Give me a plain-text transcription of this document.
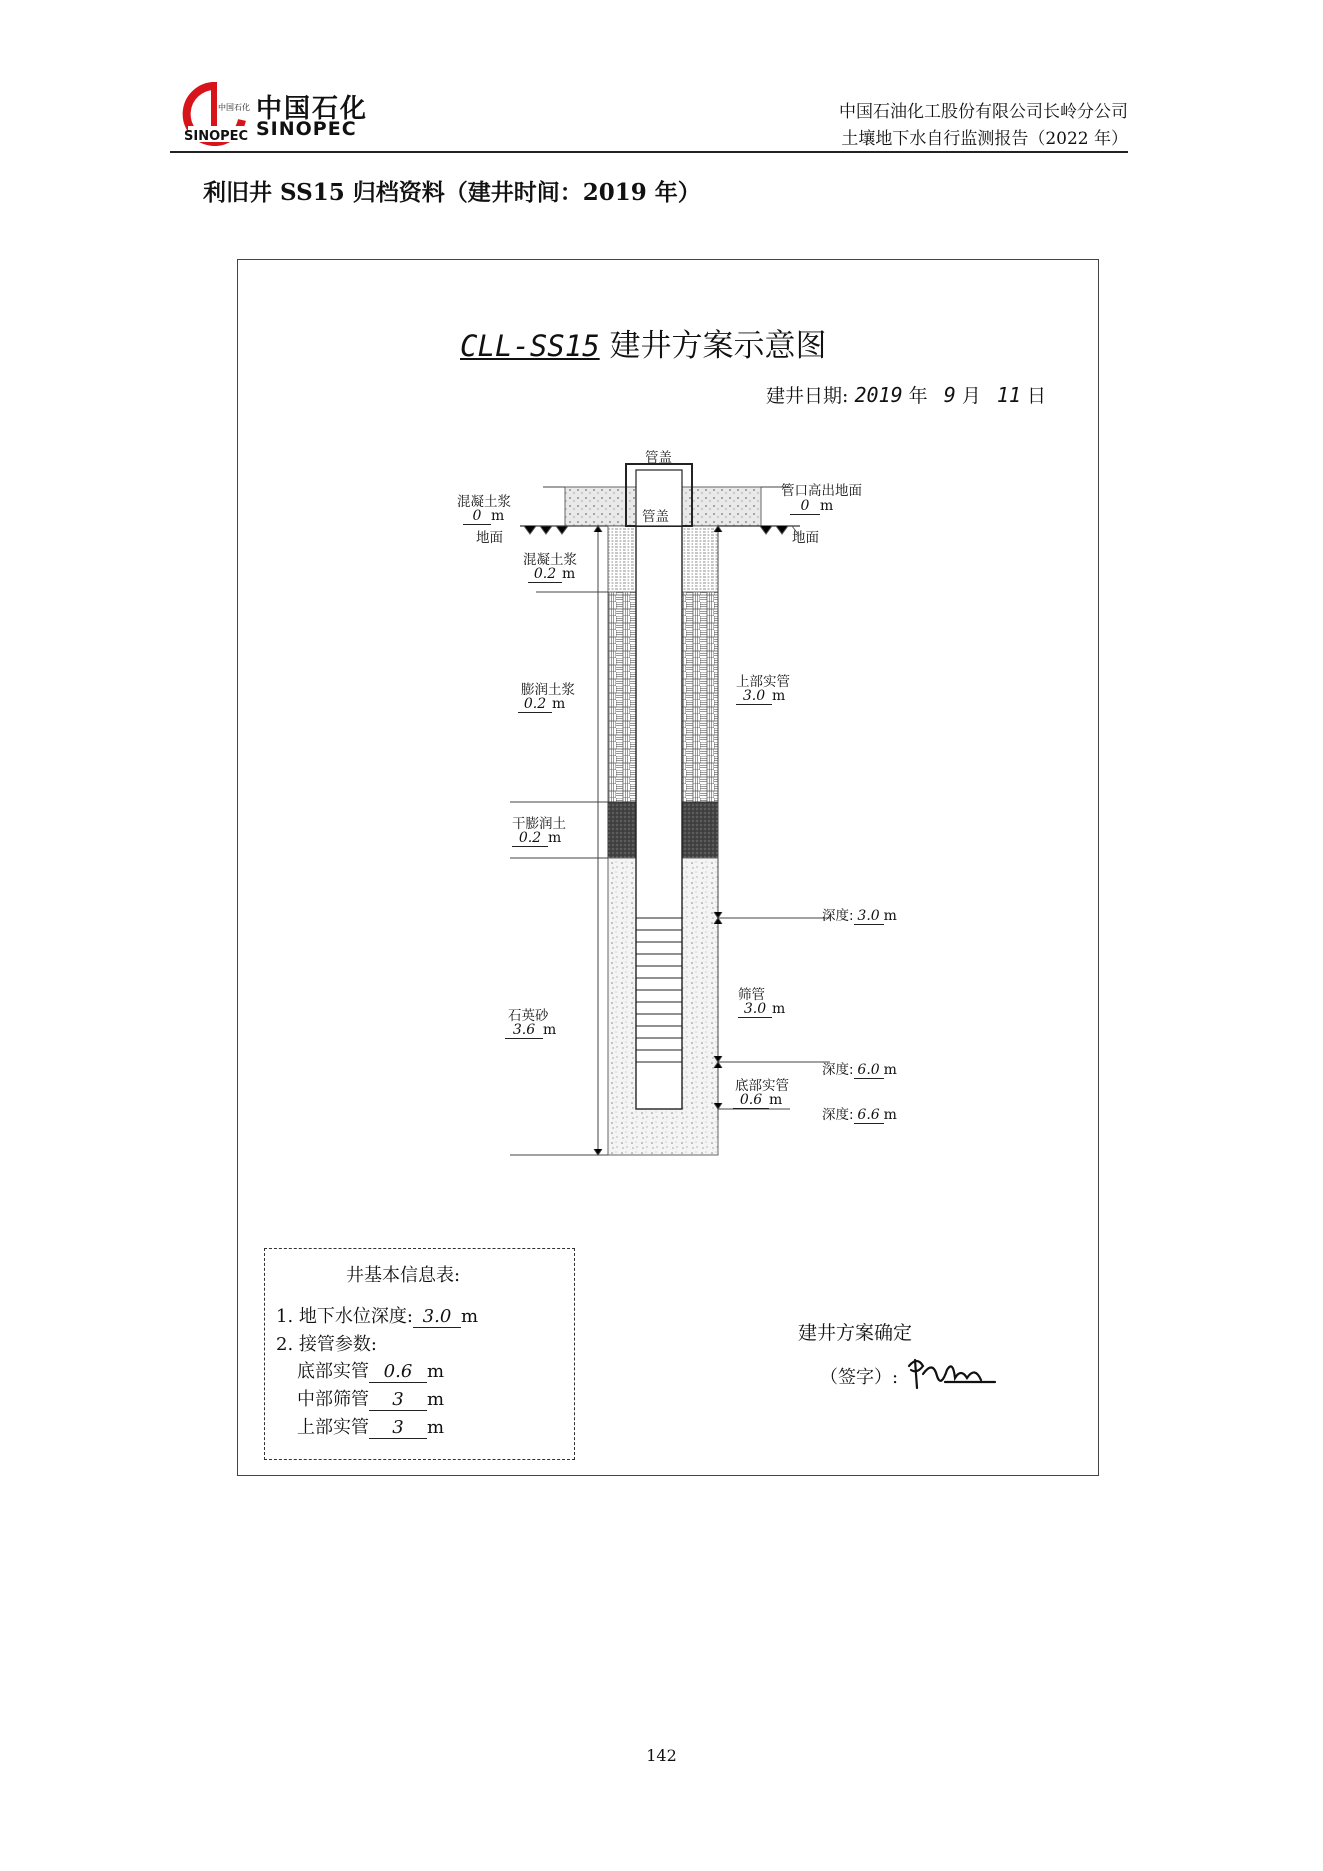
SINOPEC
中国石化 中国石化
SINOPEC
中国石油化工股份有限公司长岭分公司
土壤地下水自行监测报告（2022 年）
利旧井 SS15 归档资料（建井时间：2019 年）
CLL-SS15 建井方案示意图
建井日期: 2019 年 9 月 11 日
管盖
管盖
混凝土浆
0 m
地面
混凝土浆
0.2 m
膨润土浆
0.2 m
干膨润土
0.2 m
石英砂
3.6 m
管口高出地面
0 m
地面
上部实管
3.0 m
深度: 3.0 m
筛管
3.0 m
深度: 6.0 m
底部实管
0.6 m
深度: 6.6 m
井基本信息表:
1. 地下水位深度: 3.0 m
2. 接管参数:
底部实管 0.6 m
中部筛管 3 m
上部实管 3 m
建井方案确定
（签字）:
142
